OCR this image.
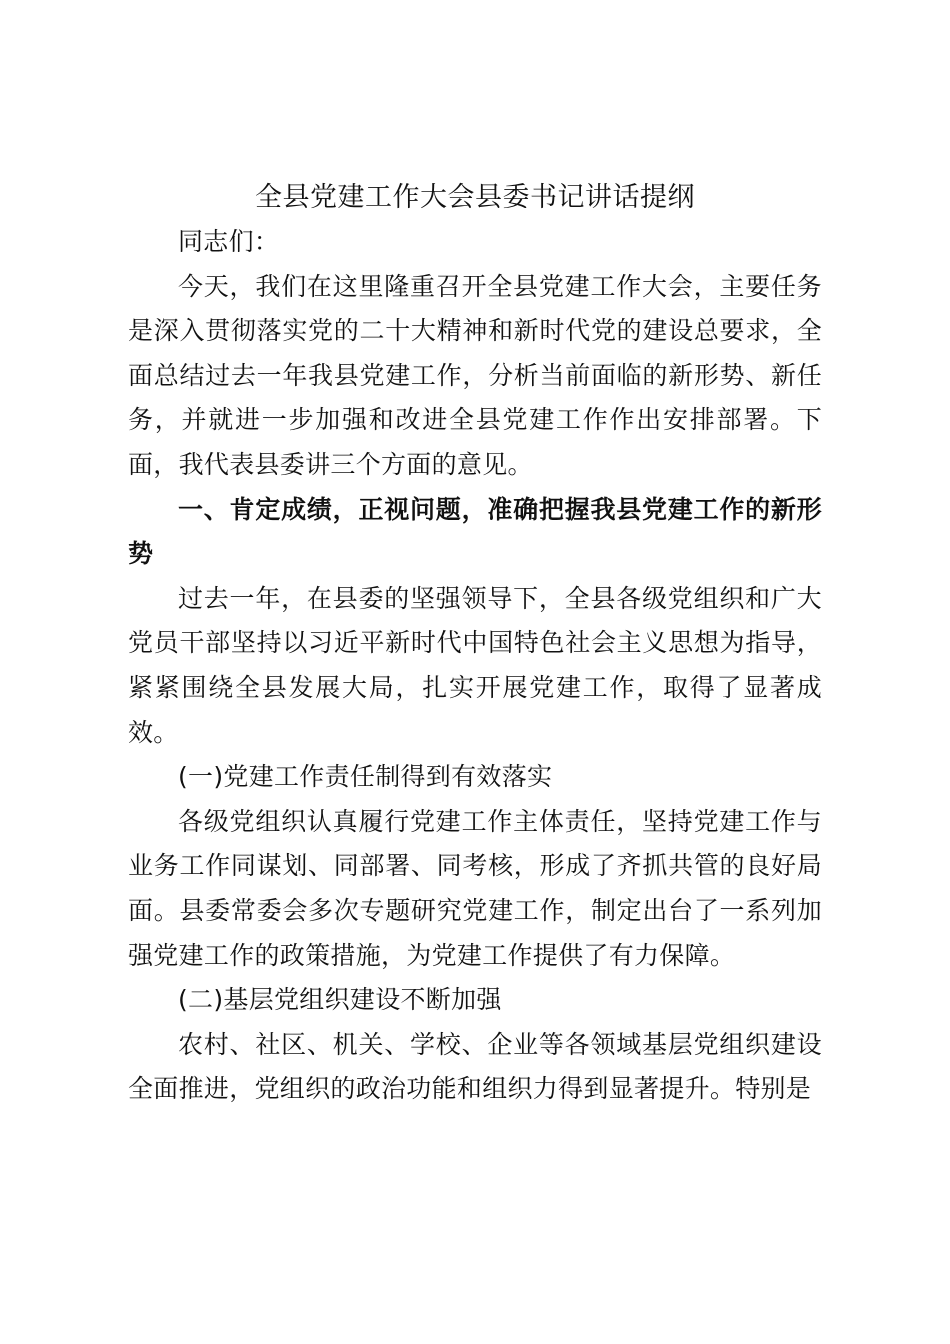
全县党建工作大会县委书记讲话提纲

同志们：

今天，我们在这里隆重召开全县党建工作大会，主要任务是深入贯彻落实党的二十大精神和新时代党的建设总要求，全面总结过去一年我县党建工作，分析当前面临的新形势、新任务，并就进一步加强和改进全县党建工作作出安排部署。下面，我代表县委讲三个方面的意见。

一、肯定成绩，正视问题，准确把握我县党建工作的新形势

过去一年，在县委的坚强领导下，全县各级党组织和广大党员干部坚持以习近平新时代中国特色社会主义思想为指导，紧紧围绕全县发展大局，扎实开展党建工作，取得了显著成效。

(一)党建工作责任制得到有效落实

各级党组织认真履行党建工作主体责任，坚持党建工作与业务工作同谋划、同部署、同考核，形成了齐抓共管的良好局面。县委常委会多次专题研究党建工作，制定出台了一系列加强党建工作的政策措施，为党建工作提供了有力保障。

(二)基层党组织建设不断加强

农村、社区、机关、学校、企业等各领域基层党组织建设全面推进，党组织的政治功能和组织力得到显著提升。特别是
